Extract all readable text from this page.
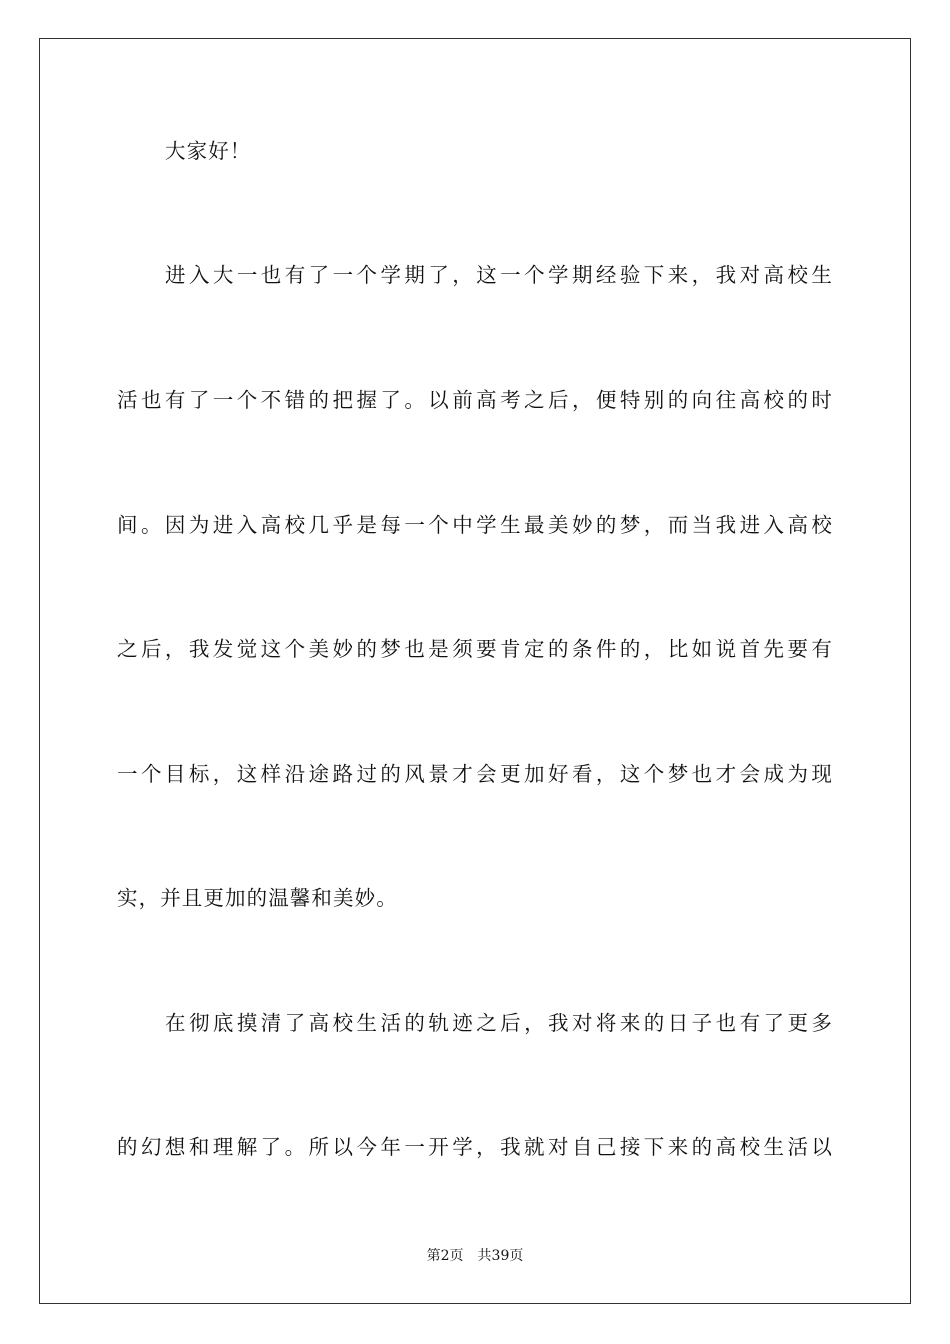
大家好！
进入大一也有了一个学期了，这一个学期经验下来，我对高校生
活也有了一个不错的把握了。以前高考之后，便特别的向往高校的时
间。因为进入高校几乎是每一个中学生最美妙的梦，而当我进入高校
之后，我发觉这个美妙的梦也是须要肯定的条件的，比如说首先要有
一个目标，这样沿途路过的风景才会更加好看，这个梦也才会成为现
实，并且更加的温馨和美妙。
在彻底摸清了高校生活的轨迹之后，我对将来的日子也有了更多
的幻想和理解了。所以今年一开学，我就对自己接下来的高校生活以
第2页 共39页
